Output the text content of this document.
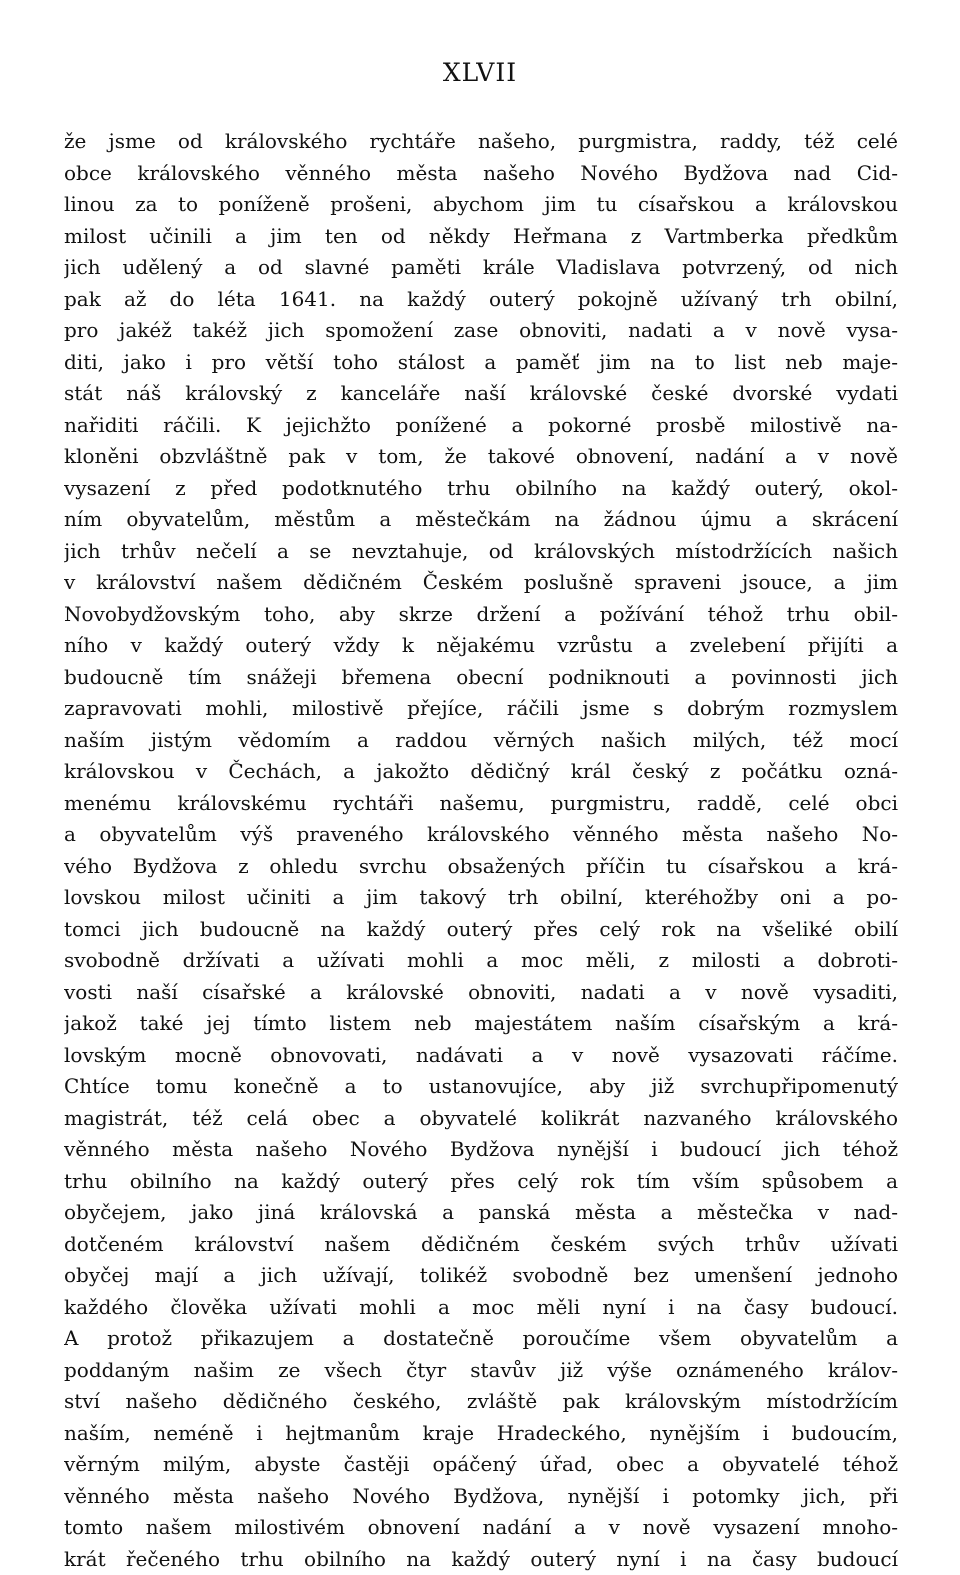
XLVII
že jsme od královského rychtáře našeho, purgmistra, raddy, též celé
obce královského věnného města našeho Nového Bydžova nad Cid-
linou za to poníženě prošeni, abychom jim tu císařskou a královskou
milost učinili a jim ten od někdy Heřmana z Vartmberka předkům
jich udělený a od slavné paměti krále Vladislava potvrzený, od nich
pak až do léta 1641. na každý outerý pokojně užívaný trh obilní,
pro jakéž takéž jich spomožení zase obnoviti, nadati a v nově vysa-
diti, jako i pro větší toho stálost a paměť jim na to list neb maje-
stát náš královský z kanceláře naší královské české dvorské vydati
nařiditi ráčili. K jejichžto ponížené a pokorné prosbě milostivě na-
kloněni obzvláštně pak v tom, že takové obnovení, nadání a v nově
vysazení z před podotknutého trhu obilního na každý outerý, okol-
ním obyvatelům, městům a městečkám na žádnou újmu a skrácení
jich trhův nečelí a se nevztahuje, od královských místodržících našich
v království našem dědičném Českém poslušně spraveni jsouce, a jim
Novobydžovským toho, aby skrze držení a požívání téhož trhu obil-
ního v každý outerý vždy k nějakému vzrůstu a zvelebení přijíti a
budoucně tím snážeji břemena obecní podniknouti a povinnosti jich
zapravovati mohli, milostivě přejíce, ráčili jsme s dobrým rozmyslem
naším jistým vědomím a raddou věrných našich milých, též mocí
královskou v Čechách, a jakožto dědičný král český z počátku ozná-
menému královskému rychtáři našemu, purgmistru, raddě, celé obci
a obyvatelům výš praveného královského věnného města našeho No-
vého Bydžova z ohledu svrchu obsažených příčin tu císařskou a krá-
lovskou milost učiniti a jim takový trh obilní, kteréhožby oni a po-
tomci jich budoucně na každý outerý přes celý rok na všeliké obilí
svobodně držívati a užívati mohli a moc měli, z milosti a dobroti-
vosti naší císařské a královské obnoviti, nadati a v nově vysaditi,
jakož také jej tímto listem neb majestátem naším císařským a krá-
lovským mocně obnovovati, nadávati a v nově vysazovati ráčíme.
Chtíce tomu konečně a to ustanovujíce, aby již svrchupřipomenutý
magistrát, též celá obec a obyvatelé kolikrát nazvaného královského
věnného města našeho Nového Bydžova nynější i budoucí jich téhož
trhu obilního na každý outerý přes celý rok tím vším spůsobem a
obyčejem, jako jiná královská a panská města a městečka v nad-
dotčeném království našem dědičném českém svých trhův užívati
obyčej mají a jich užívají, tolikéž svobodně bez umenšení jednoho
každého člověka užívati mohli a moc měli nyní i na časy budoucí.
A protož přikazujem a dostatečně poroučíme všem obyvatelům a
poddaným našim ze všech čtyr stavův již výše oznámeného králov-
ství našeho dědičného českého, zvláště pak královským místodržícím
naším, neméně i hejtmanům kraje Hradeckého, nynějším i budoucím,
věrným milým, abyste častěji opáčený úřad, obec a obyvatelé téhož
věnného města našeho Nového Bydžova, nynější i potomky jich, při
tomto našem milostivém obnovení nadání a v nově vysazení mnoho-
krát řečeného trhu obilního na každý outerý nyní i na časy budoucí
